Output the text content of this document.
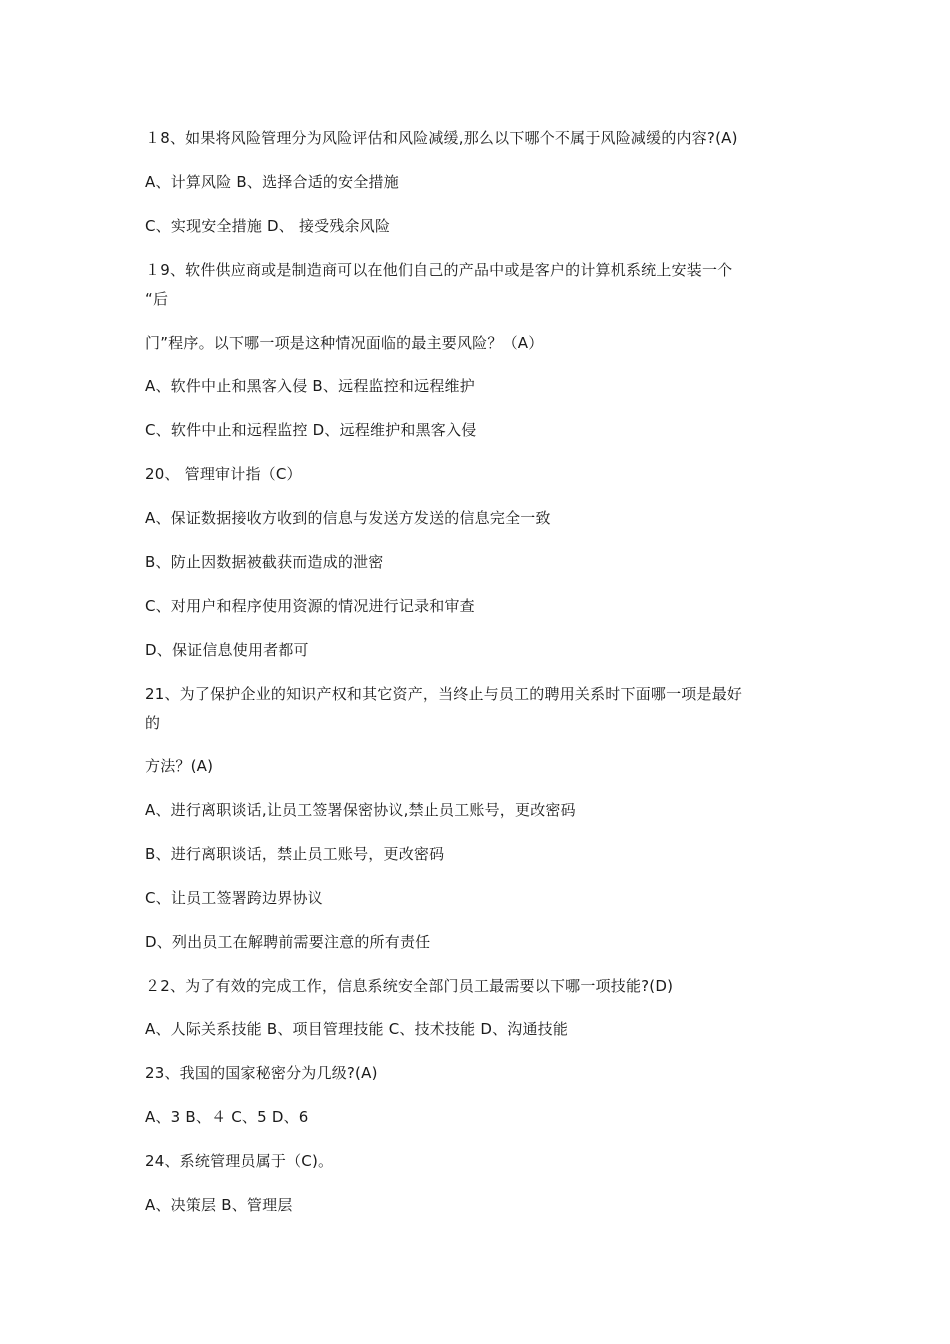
１8、如果将风险管理分为风险评估和风险减缓,那么以下哪个不属于风险减缓的内容?(A)
A、计算风险 B、选择合适的安全措施
C、实现安全措施 D、 接受残余风险
１9、软件供应商或是制造商可以在他们自己的产品中或是客户的计算机系统上安装一个
“后
门”程序。以下哪一项是这种情况面临的最主要风险？（A）
A、软件中止和黑客入侵 B、远程监控和远程维护
C、软件中止和远程监控 D、远程维护和黑客入侵
20、 管理审计指（C）
A、保证数据接收方收到的信息与发送方发送的信息完全一致
B、防止因数据被截获而造成的泄密
C、对用户和程序使用资源的情况进行记录和审查
D、保证信息使用者都可
21、为了保护企业的知识产权和其它资产，当终止与员工的聘用关系时下面哪一项是最好
的
方法？(A)
A、进行离职谈话,让员工签署保密协议,禁止员工账号，更改密码
B、进行离职谈话，禁止员工账号，更改密码
C、让员工签署跨边界协议
D、列出员工在解聘前需要注意的所有责任
２2、为了有效的完成工作，信息系统安全部门员工最需要以下哪一项技能?(D)
A、人际关系技能 B、项目管理技能 C、技术技能 D、沟通技能
23、我国的国家秘密分为几级?(A)
A、3 B、４ C、5 D、6
24、系统管理员属于（C)。
A、决策层 B、管理层
